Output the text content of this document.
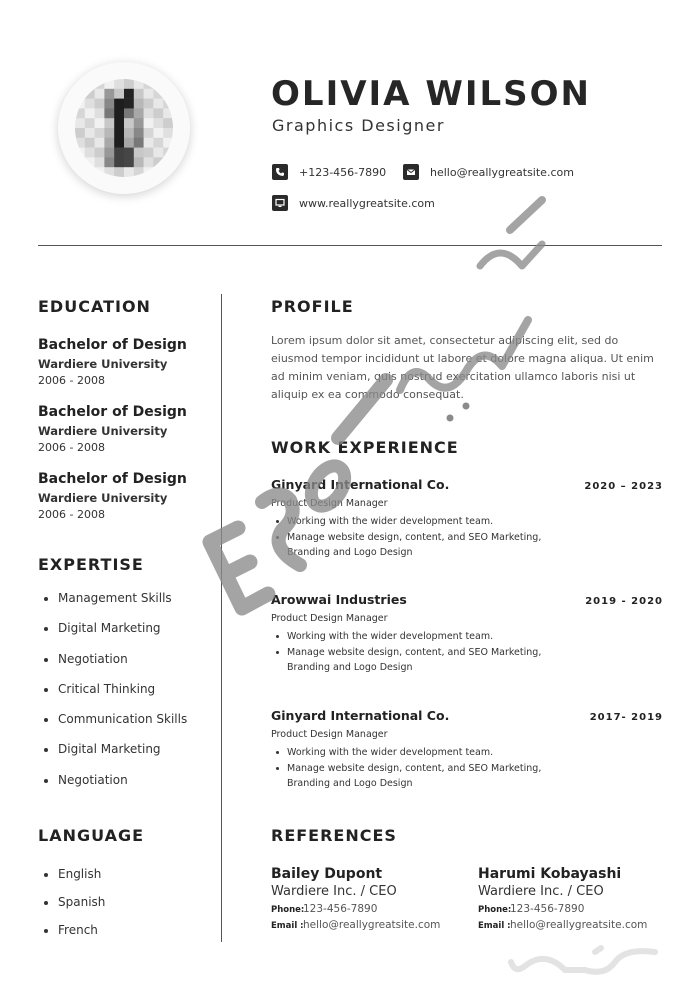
OLIVIA WILSON
Graphics Designer
+123-456-7890	hello@reallygreatsite.com
www.reallygreatsite.com
EDUCATION
Bachelor of Design
Wardiere University
2006 - 2008
Bachelor of Design
Wardiere University
2006 - 2008
Bachelor of Design
Wardiere University
2006 - 2008
EXPERTISE
Management Skills
Digital Marketing
Negotiation
Critical Thinking
Communication Skills
Digital Marketing
Negotiation
LANGUAGE
English
Spanish
French
PROFILE
Lorem ipsum dolor sit amet, consectetur adipiscing elit, sed do eiusmod tempor incididunt ut labore et dolore magna aliqua. Ut enim ad minim veniam, quis nostrud exercitation ullamco laboris nisi ut aliquip ex ea commodo consequat.
WORK EXPERIENCE
Ginyard International Co.	2020 – 2023
Product Design Manager
Working with the wider development team.
Manage website design, content, and SEO Marketing, Branding and Logo Design
Arowwai Industries	2019 - 2020
Product Design Manager
Working with the wider development team.
Manage website design, content, and SEO Marketing, Branding and Logo Design
Ginyard International Co.	2017- 2019
Product Design Manager
Working with the wider development team.
Manage website design, content, and SEO Marketing, Branding and Logo Design
REFERENCES
Bailey Dupont
Wardiere Inc. / CEO
Phone:123-456-7890
Email :hello@reallygreatsite.com
Harumi Kobayashi
Wardiere Inc. / CEO
Phone:123-456-7890
Email :hello@reallygreatsite.com
